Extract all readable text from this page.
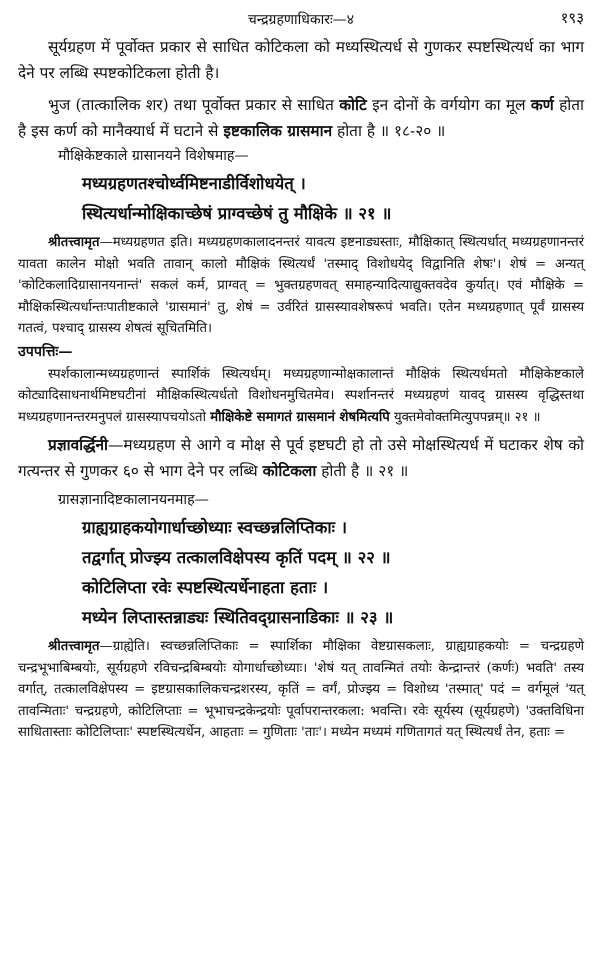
चन्द्रग्रहणाधिकारः—४	१९३

सूर्यग्रहण में पूर्वोक्त प्रकार से साधित कोटिकला को मध्यस्थित्यर्ध से गुणकर स्पष्टस्थित्यर्ध का भाग देने पर लब्धि स्पष्टकोटिकला होती है।

भुज (तात्कालिक शर) तथा पूर्वोक्त प्रकार से साधित कोटि इन दोनों के वर्गयोग का मूल कर्ण होता है इस कर्ण को मानैक्यार्ध में घटाने से इष्टकालिक ग्रासमान होता है ॥ १८-२० ॥

मौक्षिकेष्टकाले ग्रासानयने विशेषमाह—

मध्यग्रहणतश्चोर्ध्वमिष्टनाडीर्विशोधयेत् ।

स्थित्यर्धान्मोक्षिकाच्छेषं प्राग्वच्छेषं तु मौक्षिके ॥ २१ ॥

श्रीतत्त्वामृत—मध्यग्रहणत इति। मध्यग्रहणकालादनन्तरं यावत्य इष्टनाड्यस्ताः, मौक्षिकात् स्थित्यर्धात् मध्यग्रहणानन्तरं यावता कालेन मोक्षो भवति तावान् कालो मौक्षिकं स्थित्यर्धं 'तस्माद् विशोधयेद् विद्वानिति शेषः'। शेषं = अन्यत् 'कोटिकलादिग्रासानयनान्तं' सकलं कर्म, प्राग्वत् = भुक्तग्रहणवत् समाहन्यादित्याद्युक्तवदेव कुर्यात्। एवं मौक्षिके = मौक्षिकस्थित्यर्धान्तःपातीष्टकाले 'ग्रासमानं' तु, शेषं = उर्वरितं ग्रासस्यावशेषरूपं भवति। एतेन मध्यग्रहणात् पूर्वं ग्रासस्य गतत्वं, पश्चाद् ग्रासस्य शेषत्वं सूचितमिति।

उपपत्तिः—

स्पर्शकालान्मध्यग्रहणान्तं स्पार्शिकं स्थित्यर्धम्। मध्यग्रहणान्मोक्षकालान्तं मौक्षिकं स्थित्यर्धमतो मौक्षिकेष्टकाले कोट्यादिसाधनार्थमिष्टघटीनां मौक्षिकस्थित्यर्धतो विशोधनमुचितमेव। स्पर्शानन्तरं मध्यग्रहणं यावद् ग्रासस्य वृद्धिस्तथा मध्यग्रहणानन्तरमनुपलं ग्रासस्यापचयोऽतो मौक्षिकेष्टे समागतं ग्रासमानं शेषमित्यपि युक्तमेवोक्तमित्युपपन्नम्॥ २१ ॥

प्रज्ञावर्द्धिनी—मध्यग्रहण से आगे व मोक्ष से पूर्व इष्टघटी हो तो उसे मोक्षस्थित्यर्ध में घटाकर शेष को गत्यन्तर से गुणकर ६० से भाग देने पर लब्धि कोटिकला होती है ॥ २१ ॥

ग्रासज्ञानादिष्टकालानयनमाह—

ग्राह्यग्राहकयोगार्धाच्छोध्याः स्वच्छन्नलिप्तिकाः ।

तद्वर्गात् प्रोज्झ्य तत्कालविक्षेपस्य कृतिं पदम् ॥ २२ ॥

कोटिलिप्ता रवेः स्पष्टस्थित्यर्धेनाहता हताः ।

मध्येन लिप्तास्तन्नाड्यः स्थितिवद्ग्रासनाडिकाः ॥ २३ ॥

श्रीतत्त्वामृत—ग्राह्येति। स्वच्छन्नलिप्तिकाः = स्पार्शिका मौक्षिका वेष्टग्रासकलाः, ग्राह्यग्राहकयोः = चन्द्रग्रहणे चन्द्रभूभाबिम्बयोः, सूर्यग्रहणे रविचन्द्रबिम्बयोः योगार्धाच्छोध्याः। 'शेषं यत् तावन्मितं तयोः केन्द्रान्तरं (कर्णः) भवति' तस्य वर्गात्, तत्कालविक्षेपस्य = इष्टग्रासकालिकचन्द्रशरस्य, कृतिं = वर्गं, प्रोज्झ्य = विशोध्य 'तस्मात्' पदं = वर्गमूलं 'यत् तावन्मिताः' चन्द्रग्रहणे, कोटिलिप्ताः = भूभाचन्द्रकेन्द्रयोः पूर्वापरान्तरकला: भवन्ति। रवेः सूर्यस्य (सूर्यग्रहणे) 'उक्तविधिना साधितास्ताः कोटिलिप्ताः' स्पष्टस्थित्यर्धेन, आहताः = गुणिताः 'ताः'। मध्येन मध्यमं गणितागतं यत् स्थित्यर्धं तेन, हताः =
